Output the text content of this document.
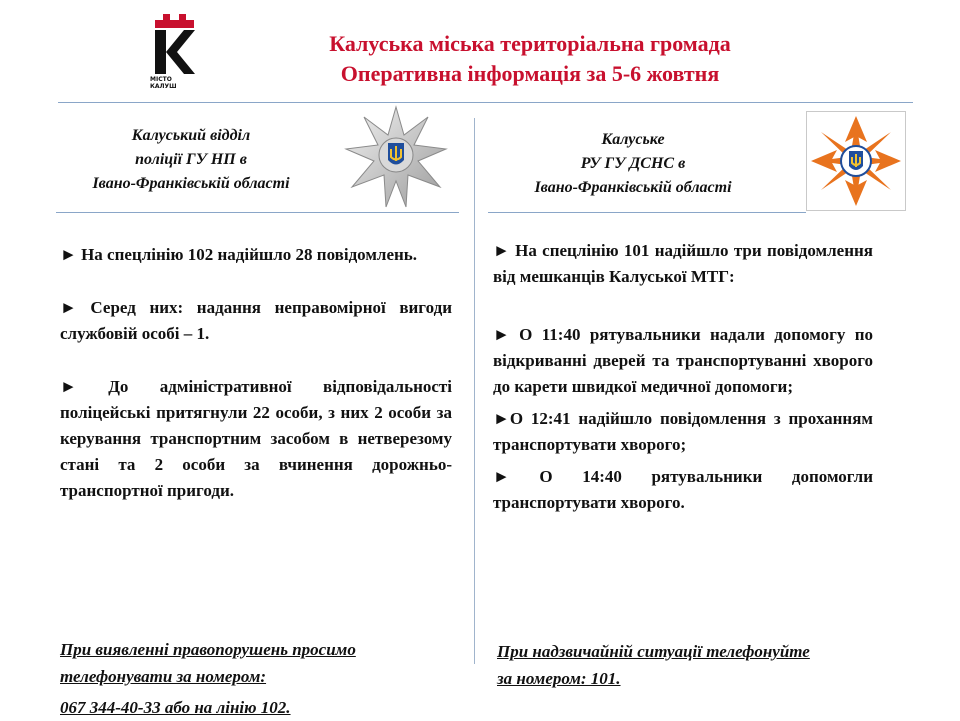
МІСТО
КАЛУШ
Калуська міська територіальна громада
Оперативна інформація за 5-6 жовтня
Калуський відділ
поліції ГУ НП в
Івано-Франківській області

► На спецлінію 102 надійшло 28 повідомлень.

► Серед них: надання неправомірної вигоди службовій особі – 1.

► До адміністративної відповідальності поліцейські притягнули 22 особи, з них 2 особи за керування транспортним засобом в нетверезому стані та 2 особи за вчинення дорожньо-транспортної пригоди.

При виявленні правопорушень просимо

телефонувати за номером:

067 344-40-33 або на лінію 102.

Калуське
РУ ГУ ДСНС в
Івано-Франківській області

► На спецлінію 101 надійшло три повідомлення від мешканців Калуської МТГ:

► О 11:40 рятувальники надали допомогу по відкриванні дверей та транспортуванні хворого до карети швидкої медичної допомоги;

►О 12:41 надійшло повідомлення з проханням транспортувати хворого;

► О 14:40 рятувальники допомогли транспортувати хворого.

При надзвичайній ситуації телефонуйте

за номером: 101.
